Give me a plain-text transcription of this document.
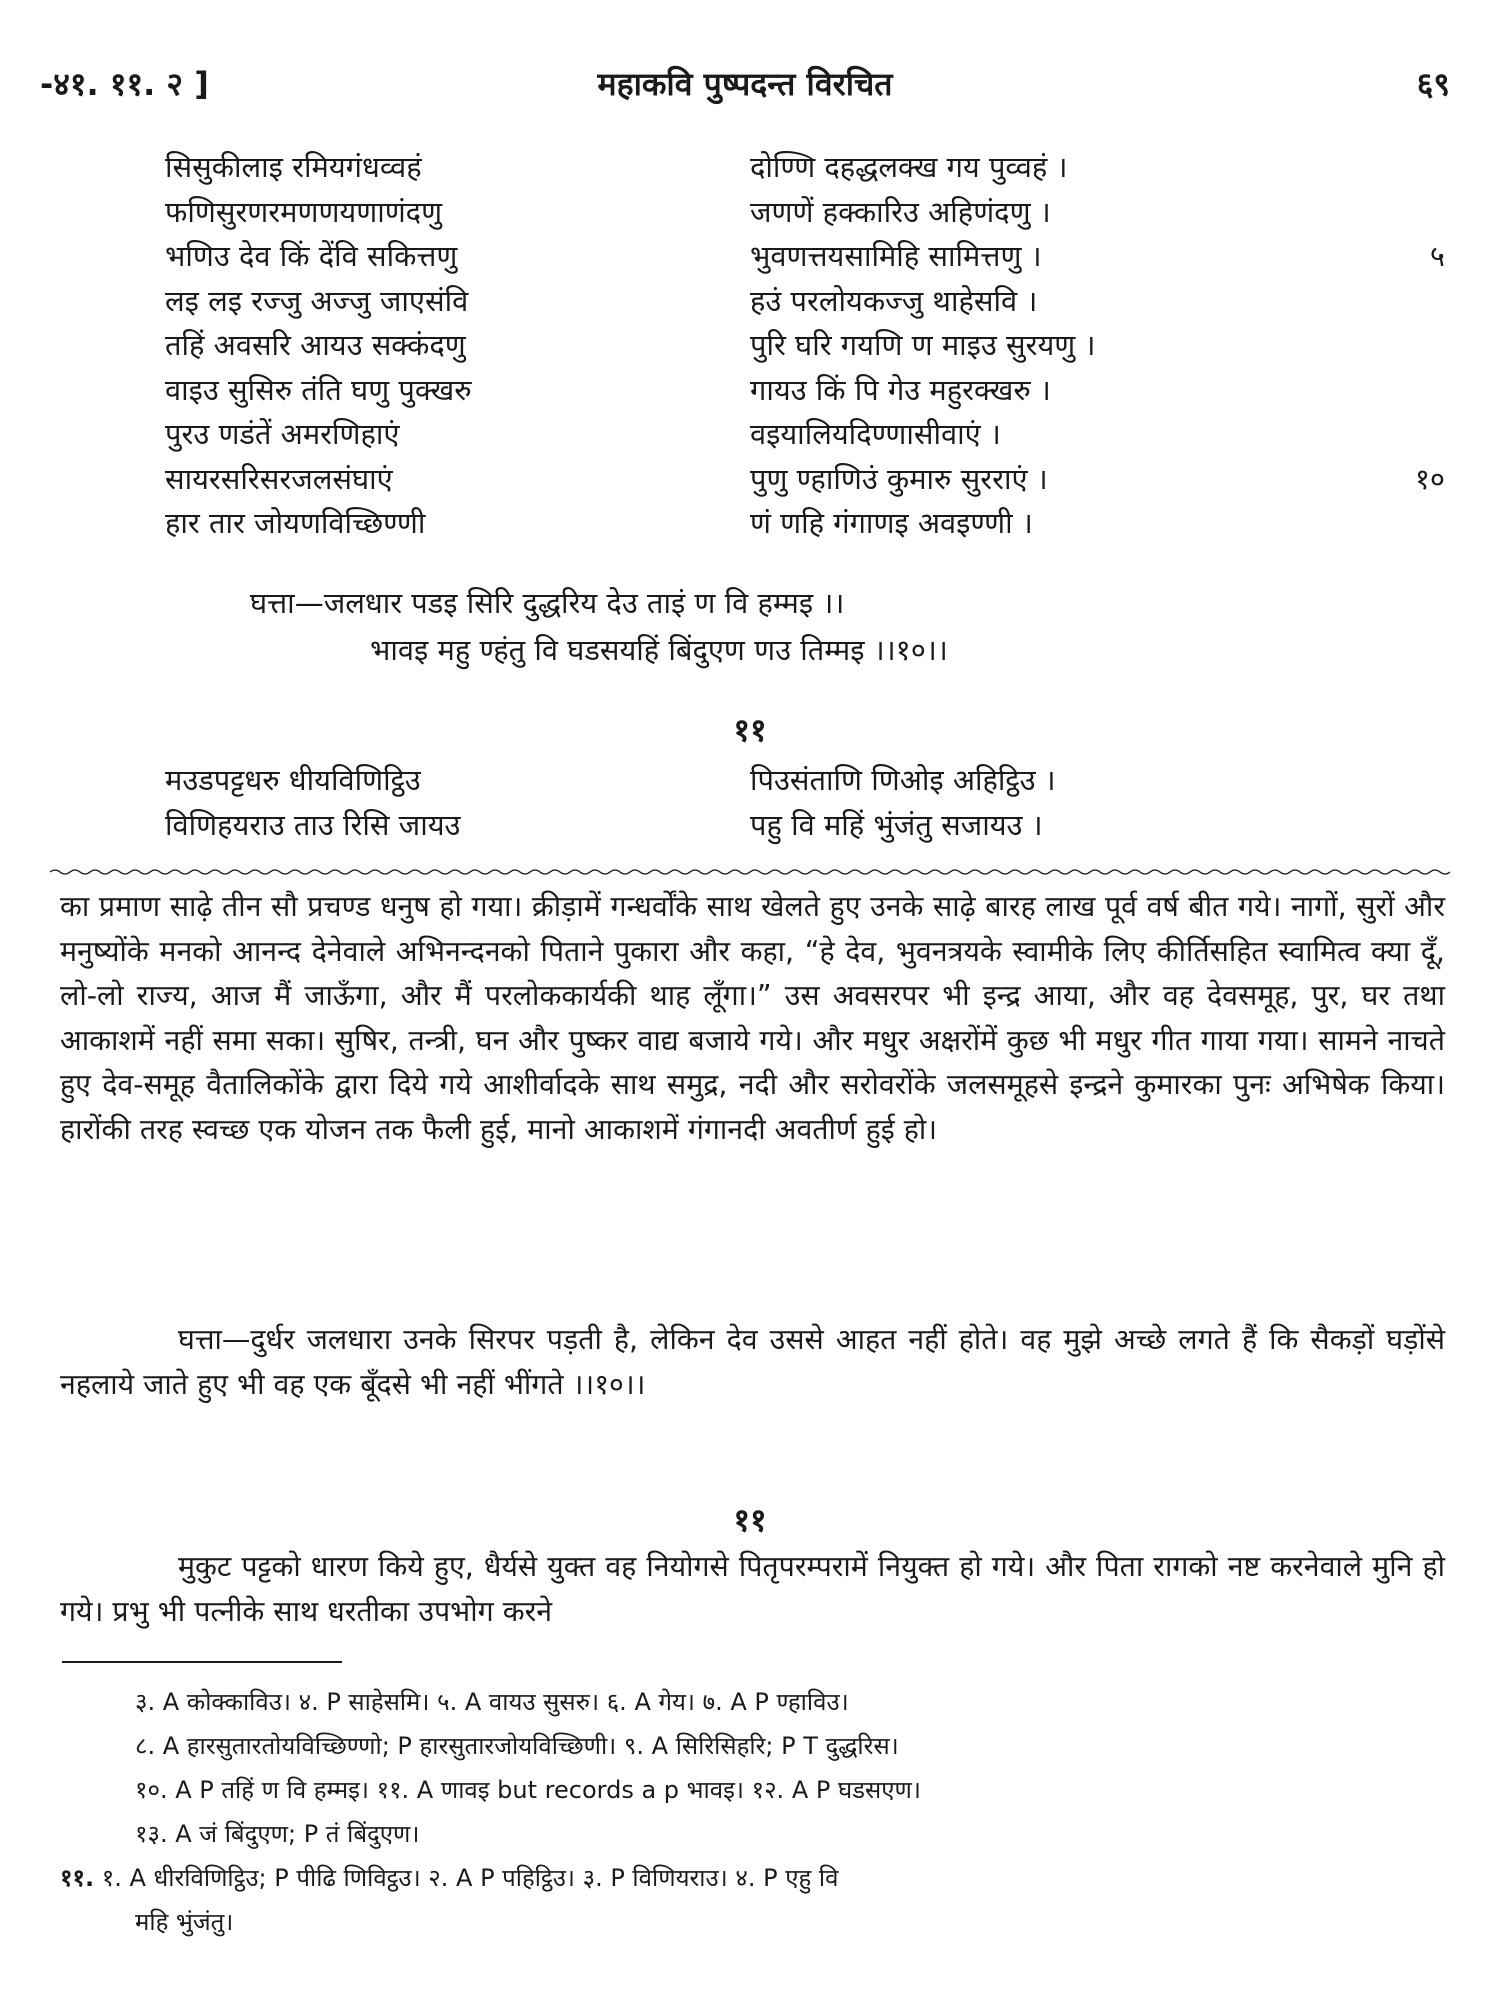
-४१. ११. २ ]	महाकवि पुष्पदन्त विरचित	६९
सिसुकीलाइ रमियगंधव्वहं	दोण्णि दहद्धलक्ख गय पुव्वहं ।
फणिसुरणरमणणयणाणंदणु	जणणें हक्कारिउ अहिणंदणु ।
भणिउ देव किं देंवि सकित्तणु	भुवणत्तयसामिहि सामित्तणु ।	५
लइ लइ रज्जु अज्जु जाएसंवि	हउं परलोयकज्जु थाहेसवि ।
तहिं अवसरि आयउ सक्कंदणु	पुरि घरि गयणि ण माइउ सुरयणु ।
वाइउ सुसिरु तंति घणु पुक्खरु	गायउ किं पि गेउ महुरक्खरु ।
पुरउ णडंतें अमरणिहाएं	वइयालियदिण्णासीवाएं ।
सायरसरिसरजलसंघाएं	पुणु ण्हाणिउं कुमारु सुरराएं ।	१०
हार तार जोयणविच्छिण्णी	णं णहि गंगाणइ अवइण्णी ।
घत्ता—जलधार पडइ सिरि दुद्धरिय देउ ताइं ण वि हम्मइ ।।
भावइ महु ण्हंतु वि घडसयहिं बिंदुएण णउ तिम्मइ ।।१०।।
११
मउडपट्टधरु धीयविणिट्ठिउ	पिउसंताणि णिओइ अहिट्ठिउ ।
विणिहयराउ ताउ रिसि जायउ	पहु वि महिं भुंजंतु सजायउ ।

का प्रमाण साढ़े तीन सौ प्रचण्ड धनुष हो गया। क्रीड़ामें गन्धर्वोंके साथ खेलते हुए उनके साढ़े बारह लाख पूर्व वर्ष बीत गये। नागों, सुरों और मनुष्योंके मनको आनन्द देनेवाले अभिनन्दनको पिताने पुकारा और कहा, “हे देव, भुवनत्रयके स्वामीके लिए कीर्तिसहित स्वामित्व क्या दूँ, लो-लो राज्य, आज मैं जाऊँगा, और मैं परलोककार्यकी थाह लूँगा।” उस अवसरपर भी इन्द्र आया, और वह देवसमूह, पुर, घर तथा आकाशमें नहीं समा सका। सुषिर, तन्त्री, घन और पुष्कर वाद्य बजाये गये। और मधुर अक्षरोंमें कुछ भी मधुर गीत गाया गया। सामने नाचते हुए देव-समूह वैतालिकोंके द्वारा दिये गये आशीर्वादके साथ समुद्र, नदी और सरोवरोंके जलसमूहसे इन्द्रने कुमारका पुनः अभिषेक किया। हारोंकी तरह स्वच्छ एक योजन तक फैली हुई, मानो आकाशमें गंगानदी अवतीर्ण हुई हो।

घत्ता—दुर्धर जलधारा उनके सिरपर पड़ती है, लेकिन देव उससे आहत नहीं होते। वह मुझे अच्छे लगते हैं कि सैकड़ों घड़ोंसे नहलाये जाते हुए भी वह एक बूँदसे भी नहीं भींगते ।।१०।।

११

मुकुट पट्टको धारण किये हुए, धैर्यसे युक्त वह नियोगसे पितृपरम्परामें नियुक्त हो गये। और पिता रागको नष्ट करनेवाले मुनि हो गये। प्रभु भी पत्नीके साथ धरतीका उपभोग करने

३. A कोक्काविउ। ४. P साहेसमि। ५. A वायउ सुसरु। ६. A गेय। ७. A P ण्हाविउ।
८. A हारसुतारतोयविच्छिण्णो; P हारसुतारजोयविच्छिणी। ९. A सिरिसिहरि; P T दुद्धरिस।
१०. A P तहिं ण वि हम्मइ। ११. A णावइ but records a p भावइ। १२. A P घडसएण।
१३. A जं बिंदुएण; P तं बिंदुएण।
११. १. A धीरविणिट्ठिउ; P पीढि णिविट्ठउ। २. A P पहिट्ठिउ। ३. P विणियराउ। ४. P एहु वि
महि भुंजंतु।
